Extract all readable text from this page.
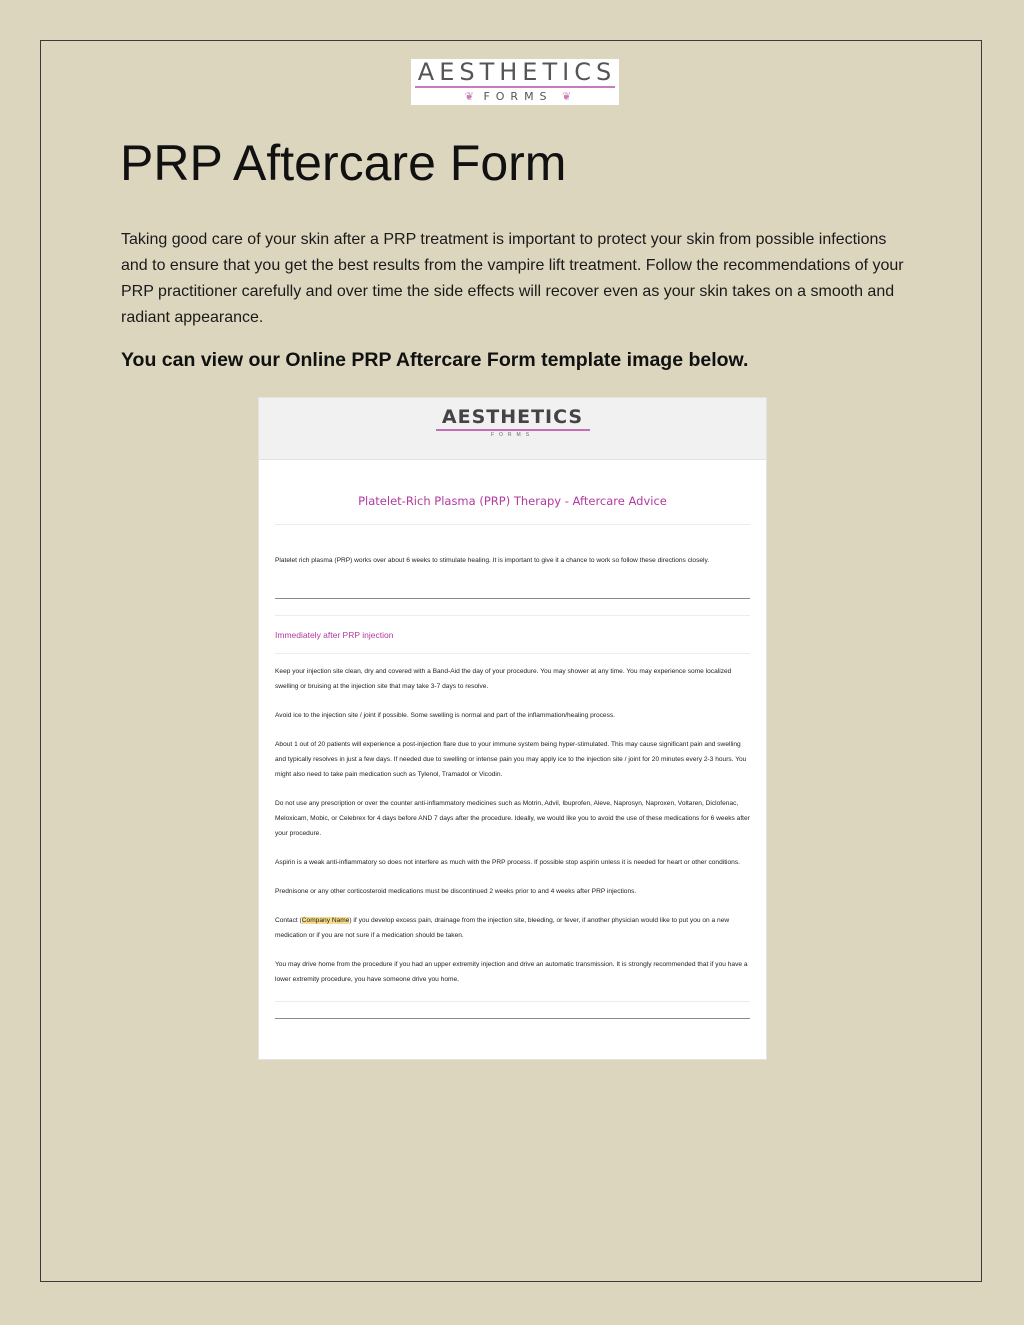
AESTHETICS
❦ FORMS ❦
PRP Aftercare Form

Taking good care of your skin after a PRP treatment is important to protect your skin from possible infections and to ensure that you get the best results from the vampire lift treatment. Follow the recommendations of your PRP practitioner carefully and over time the side effects will recover even as your skin takes on a smooth and radiant appearance.

You can view our Online PRP Aftercare Form template image below.
AESTHETICS
FORMS
Platelet-Rich Plasma (PRP) Therapy - Aftercare Advice

Platelet rich plasma (PRP) works over about 6 weeks to stimulate healing. It is important to give it a chance to work so follow these directions closely.

Immediately after PRP injection

Keep your injection site clean, dry and covered with a Band-Aid the day of your procedure. You may shower at any time. You may experience some localized swelling or bruising at the injection site that may take 3-7 days to resolve.

Avoid ice to the injection site / joint if possible. Some swelling is normal and part of the inflammation/healing process.

About 1 out of 20 patients will experience a post-injection flare due to your immune system being hyper-stimulated. This may cause significant pain and swelling and typically resolves in just a few days. If needed due to swelling or intense pain you may apply ice to the injection site / joint for 20 minutes every 2-3 hours. You might also need to take pain medication such as Tylenol, Tramadol or Vicodin.

Do not use any prescription or over the counter anti-inflammatory medicines such as Motrin, Advil, Ibuprofen, Aleve, Naprosyn, Naproxen, Voltaren, Diclofenac, Meloxicam, Mobic, or Celebrex for 4 days before AND 7 days after the procedure. Ideally, we would like you to avoid the use of these medications for 6 weeks after your procedure.

Aspirin is a weak anti-inflammatory so does not interfere as much with the PRP process. If possible stop aspirin unless it is needed for heart or other conditions.

Prednisone or any other corticosteroid medications must be discontinued 2 weeks prior to and 4 weeks after PRP injections.

Contact (Company Name) if you develop excess pain, drainage from the injection site, bleeding, or fever, if another physician would like to put you on a new medication or if you are not sure if a medication should be taken.

You may drive home from the procedure if you had an upper extremity injection and drive an automatic transmission. It is strongly recommended that if you have a lower extremity procedure, you have someone drive you home.
